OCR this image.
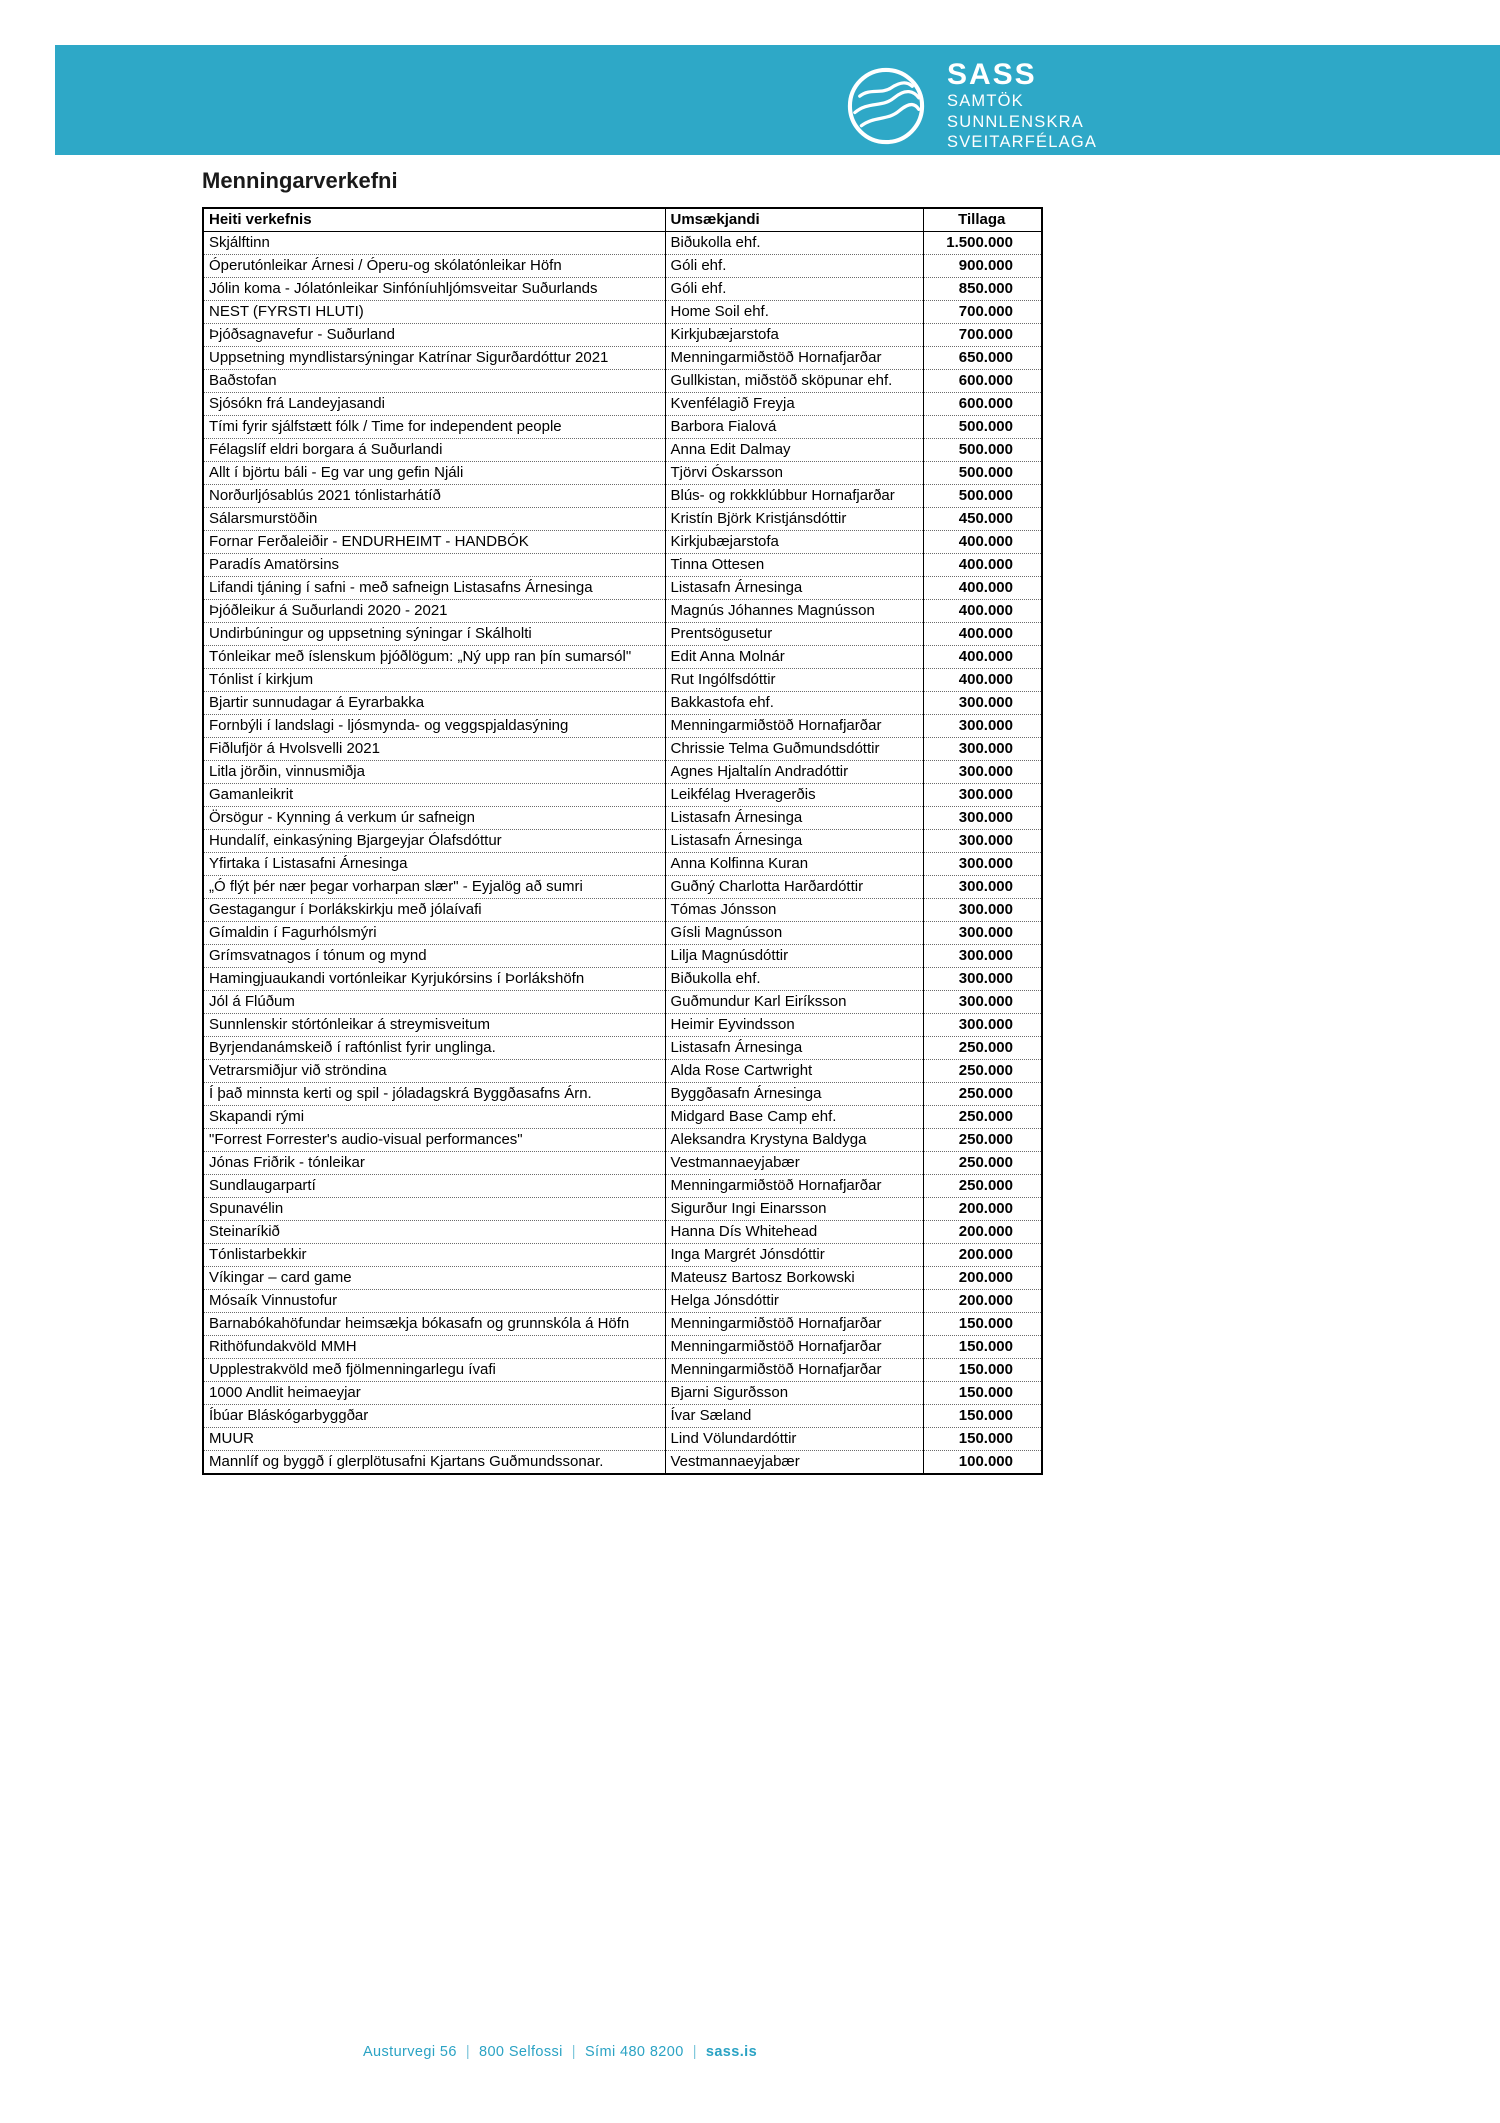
SASS
SAMTÖK
SUNNLENSKRA
SVEITARFÉLAGA
Menningarverkefni
Heiti verkefnis	Umsækjandi	Tillaga
Skjálftinn	Biðukolla ehf.	1.500.000
Óperutónleikar Árnesi / Óperu-og skólatónleikar Höfn	Góli ehf.	900.000
Jólin koma - Jólatónleikar Sinfóníuhljómsveitar Suðurlands	Góli ehf.	850.000
NEST (FYRSTI HLUTI)	Home Soil ehf.	700.000
Þjóðsagnavefur - Suðurland	Kirkjubæjarstofa	700.000
Uppsetning myndlistarsýningar Katrínar Sigurðardóttur 2021	Menningarmiðstöð Hornafjarðar	650.000
Baðstofan	Gullkistan, miðstöð sköpunar ehf.	600.000
Sjósókn frá Landeyjasandi	Kvenfélagið Freyja	600.000
Tími fyrir sjálfstætt fólk / Time for independent people	Barbora Fialová	500.000
Félagslíf eldri borgara á Suðurlandi	Anna Edit Dalmay	500.000
Allt í björtu báli - Eg var ung gefin Njáli	Tjörvi Óskarsson	500.000
Norðurljósablús 2021 tónlistarhátíð	Blús- og rokkklúbbur Hornafjarðar	500.000
Sálarsmurstöðin	Kristín Björk Kristjánsdóttir	450.000
Fornar Ferðaleiðir - ENDURHEIMT - HANDBÓK	Kirkjubæjarstofa	400.000
Paradís Amatörsins	Tinna Ottesen	400.000
Lifandi tjáning í safni - með safneign Listasafns Árnesinga	Listasafn Árnesinga	400.000
Þjóðleikur á Suðurlandi 2020 - 2021	Magnús Jóhannes Magnússon	400.000
Undirbúningur og uppsetning sýningar í Skálholti	Prentsögusetur	400.000
Tónleikar með íslenskum þjóðlögum: „Ný upp ran þín sumarsól"	Edit Anna Molnár	400.000
Tónlist í kirkjum	Rut Ingólfsdóttir	400.000
Bjartir sunnudagar á Eyrarbakka	Bakkastofa ehf.	300.000
Fornbýli í landslagi - ljósmynda- og veggspjaldasýning	Menningarmiðstöð Hornafjarðar	300.000
Fiðlufjör á Hvolsvelli 2021	Chrissie Telma Guðmundsdóttir	300.000
Litla jörðin, vinnusmiðja	Agnes Hjaltalín Andradóttir	300.000
Gamanleikrit	Leikfélag Hveragerðis	300.000
Örsögur - Kynning á verkum úr safneign	Listasafn Árnesinga	300.000
Hundalíf, einkasýning Bjargeyjar Ólafsdóttur	Listasafn Árnesinga	300.000
Yfirtaka í Listasafni Árnesinga	Anna Kolfinna Kuran	300.000
„Ó flýt þér nær þegar vorharpan slær" - Eyjalög að sumri	Guðný Charlotta Harðardóttir	300.000
Gestagangur í Þorlákskirkju með jólaívafi	Tómas Jónsson	300.000
Gímaldin í Fagurhólsmýri	Gísli Magnússon	300.000
Grímsvatnagos í tónum og mynd	Lilja Magnúsdóttir	300.000
Hamingjuaukandi vortónleikar Kyrjukórsins í Þorlákshöfn	Biðukolla ehf.	300.000
Jól á Flúðum	Guðmundur Karl Eiríksson	300.000
Sunnlenskir stórtónleikar á streymisveitum	Heimir Eyvindsson	300.000
Byrjendanámskeið í raftónlist fyrir unglinga.	Listasafn Árnesinga	250.000
Vetrarsmiðjur við ströndina	Alda Rose Cartwright	250.000
Í það minnsta kerti og spil - jóladagskrá Byggðasafns Árn.	Byggðasafn Árnesinga	250.000
Skapandi rými	Midgard Base Camp ehf.	250.000
"Forrest Forrester's audio-visual performances"	Aleksandra Krystyna Baldyga	250.000
Jónas Friðrik - tónleikar	Vestmannaeyjabær	250.000
Sundlaugarpartí	Menningarmiðstöð Hornafjarðar	250.000
Spunavélin	Sigurður Ingi Einarsson	200.000
Steinaríkið	Hanna Dís Whitehead	200.000
Tónlistarbekkir	Inga Margrét Jónsdóttir	200.000
Víkingar – card game	Mateusz Bartosz Borkowski	200.000
Mósaík Vinnustofur	Helga Jónsdóttir	200.000
Barnabókahöfundar heimsækja bókasafn og grunnskóla á Höfn	Menningarmiðstöð Hornafjarðar	150.000
Rithöfundakvöld MMH	Menningarmiðstöð Hornafjarðar	150.000
Upplestrakvöld með fjölmenningarlegu ívafi	Menningarmiðstöð Hornafjarðar	150.000
1000 Andlit heimaeyjar	Bjarni Sigurðsson	150.000
Íbúar Bláskógarbyggðar	Ívar Sæland	150.000
MUUR	Lind Völundardóttir	150.000
Mannlíf og byggð í glerplötusafni Kjartans Guðmundssonar.	Vestmannaeyjabær	100.000
Austurvegi 56 | 800 Selfossi | Sími 480 8200 | sass.is
